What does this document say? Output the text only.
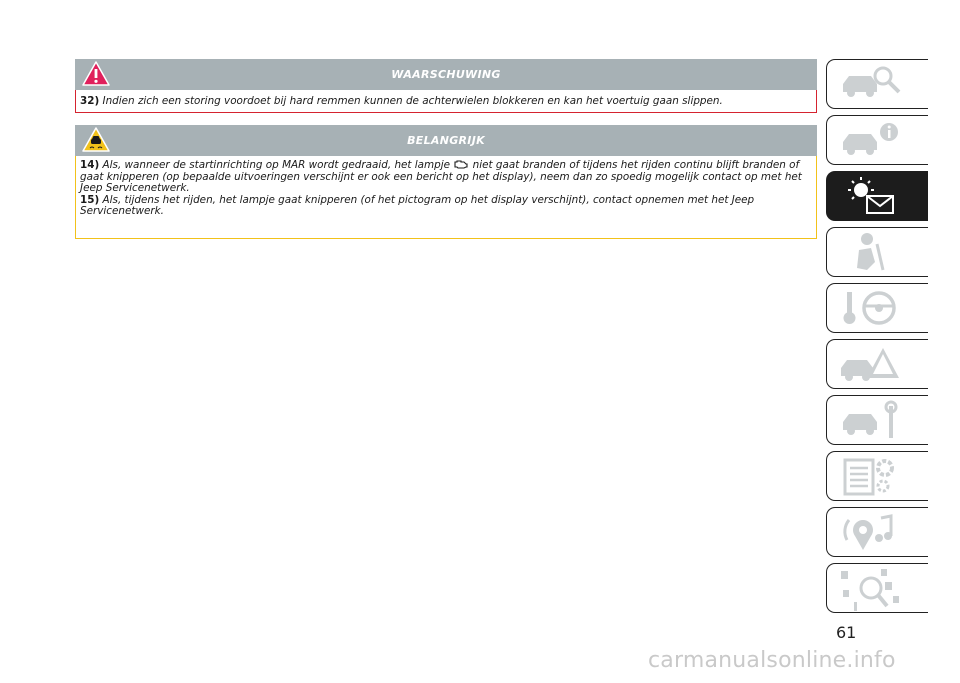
WAARSCHUWING
32) Indien zich een storing voordoet bij hard remmen kunnen de achterwielen blokkeren en kan het voertuig gaan slippen.
BELANGRIJK
14) Als, wanneer de startinrichting op MAR wordt gedraaid, het lampje niet gaat branden of tijdens het rijden continu blijft branden of gaat knipperen (op bepaalde uitvoeringen verschijnt er ook een bericht op het display), neem dan zo spoedig mogelijk contact op met het Jeep Servicenetwerk.
15) Als, tijdens het rijden, het lampje gaat knipperen (of het pictogram op het display verschijnt), contact opnemen met het Jeep Servicenetwerk.
61
carmanualsonline.info
